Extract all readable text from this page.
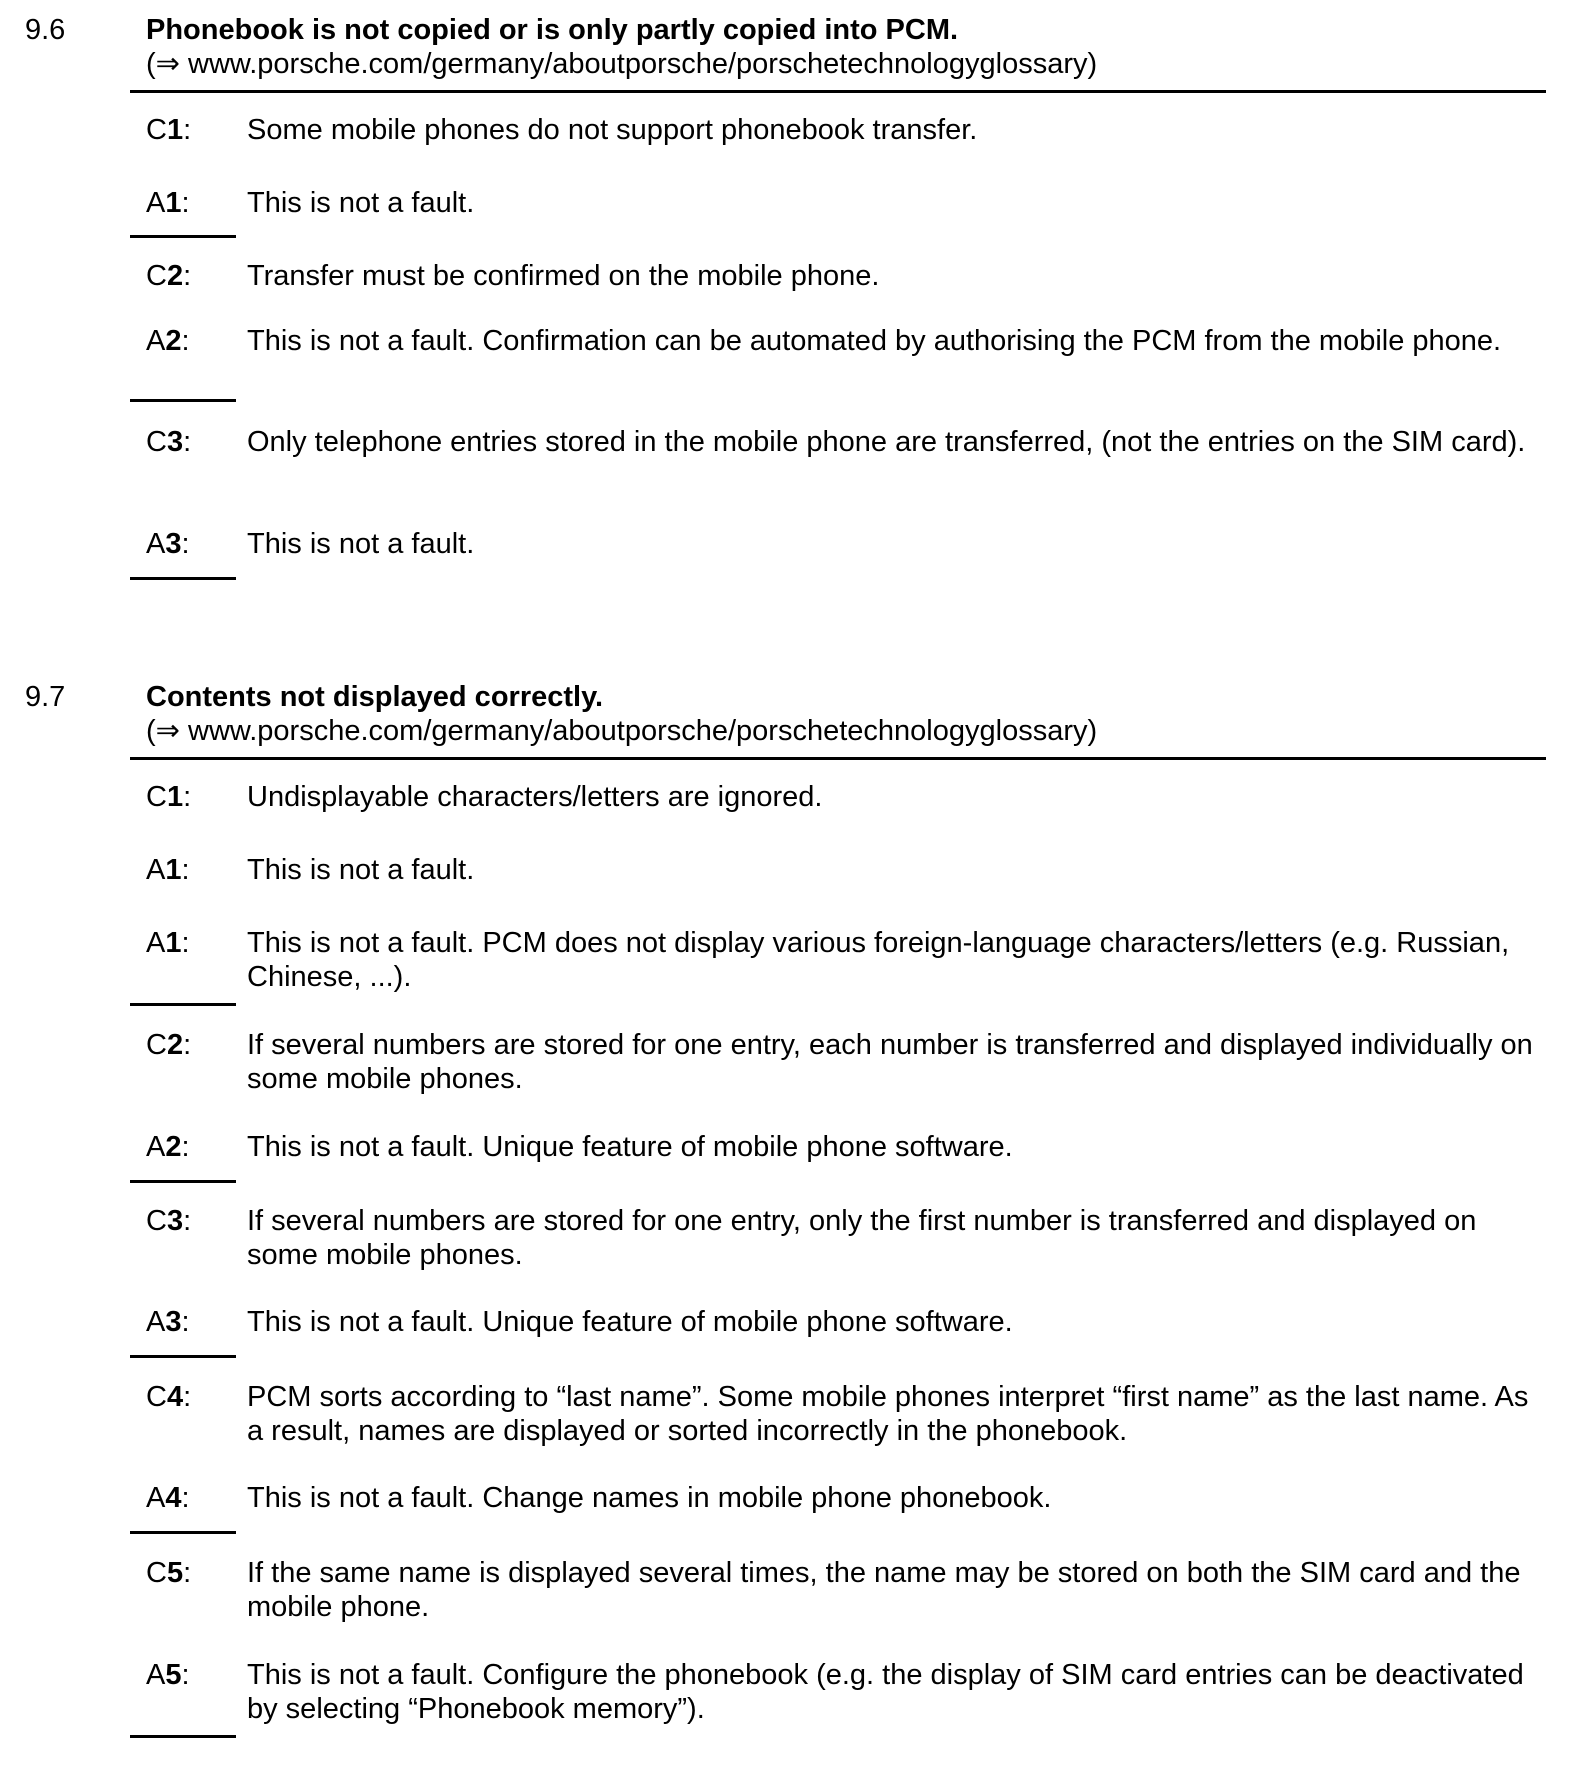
9.6	Phonebook is not copied or is only partly copied into PCM.
(⇒ www.porsche.com/germany/aboutporsche/porschetechnologyglossary)
C1: Some mobile phones do not support phonebook transfer.
A1: This is not a fault.
C2: Transfer must be confirmed on the mobile phone.
A2: This is not a fault. Confirmation can be automated by authorising the PCM from the mobile phone.
C3: Only telephone entries stored in the mobile phone are transferred, (not the entries on the SIM card).
A3: This is not a fault.
9.7	Contents not displayed correctly.
(⇒ www.porsche.com/germany/aboutporsche/porschetechnologyglossary)
C1: Undisplayable characters/letters are ignored.
A1: This is not a fault.
A1: This is not a fault. PCM does not display various foreign-language characters/letters (e.g. Russian, Chinese, ...).
C2: If several numbers are stored for one entry, each number is transferred and displayed individually on some mobile phones.
A2: This is not a fault. Unique feature of mobile phone software.
C3: If several numbers are stored for one entry, only the first number is transferred and displayed on some mobile phones.
A3: This is not a fault. Unique feature of mobile phone software.
C4: PCM sorts according to “last name”. Some mobile phones interpret “first name” as the last name. As a result, names are displayed or sorted incorrectly in the phonebook.
A4: This is not a fault. Change names in mobile phone phonebook.
C5: If the same name is displayed several times, the name may be stored on both the SIM card and the mobile phone.
A5: This is not a fault. Configure the phonebook (e.g. the display of SIM card entries can be deactivated by selecting “Phonebook memory”).
